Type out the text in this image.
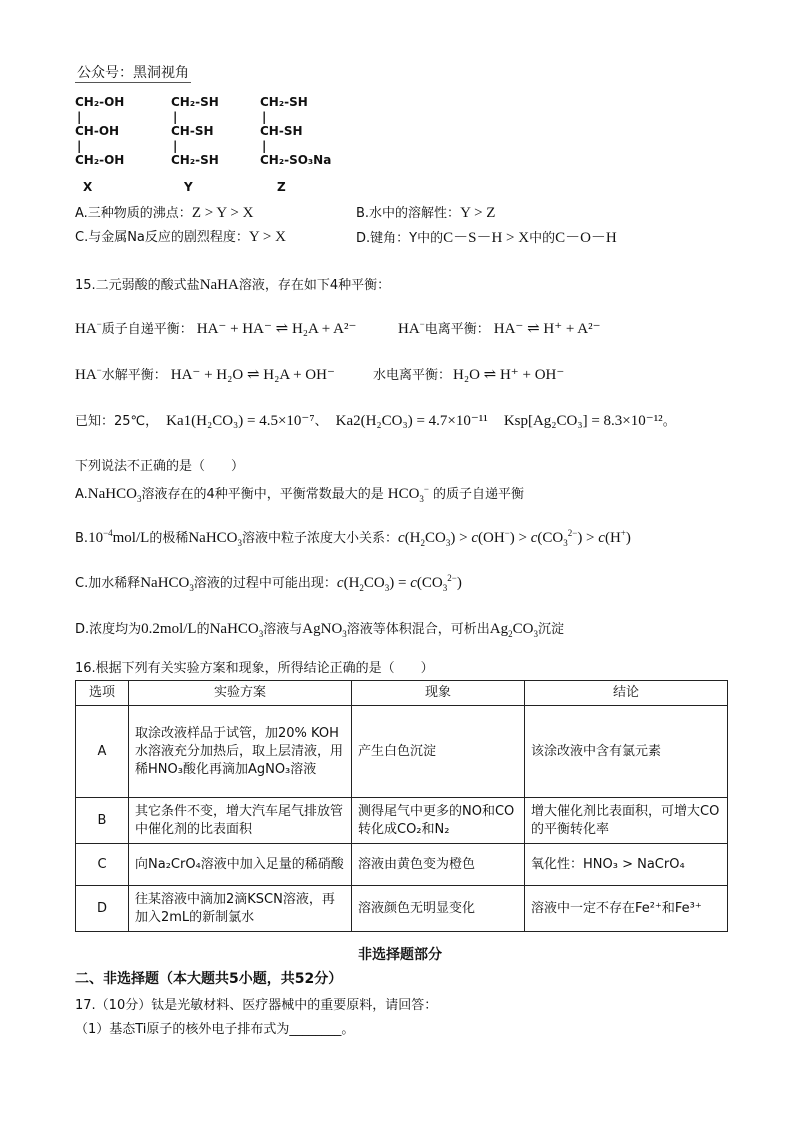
公众号：黑洞视角
CH₂-OH
|
CH-OH
|
CH₂-OH
X
CH₂-SH
|
CH-SH
|
CH₂-SH
Y
CH₂-SH
|
CH-SH
|
CH₂-SO₃Na
Z
A.三种物质的沸点：Z > Y > X	B.水中的溶解性：Y > Z
C.与金属Na反应的剧烈程度：Y > X	D.键角：Y中的C－S－H > X中的C－O－H
15.二元弱酸的酸式盐NaHA溶液，存在如下4种平衡：
HA−质子自递平衡： HA⁻ + HA⁻ ⇌ H₂A + A²⁻	HA−电离平衡： HA⁻ ⇌ H⁺ + A²⁻
HA−水解平衡： HA⁻ + H₂O ⇌ H₂A + OH⁻	水电离平衡： H₂O ⇌ H⁺ + OH⁻
已知：25℃， Ka1(H₂CO₃) = 4.5×10⁻⁷、 Ka2(H₂CO₃) = 4.7×10⁻¹¹ Ksp[Ag₂CO₃] = 8.3×10⁻¹²。
下列说法不正确的是（　　）
A.NaHCO$_3$溶液存在的4种平衡中，平衡常数最大的是 $HCO_3^-$ 的质子自递平衡
$B.10^{-4}mol/L$的极稀NaHCO$_3$溶液中粒子浓度大小关系：$c(H_2CO_3) > c(OH^-) > c(CO_3^{2-}) > c(H^+)$
C.加水稀释NaHCO$_3$溶液的过程中可能出现：$c(H_2CO_3) = c(CO_3^{2-})$
D.浓度均为0.2mol/L的NaHCO$_3$溶液与AgNO$_3$溶液等体积混合，可析出$Ag_2CO_3$沉淀
16.根据下列有关实验方案和现象，所得结论正确的是（　　）
选项	实验方案	现象	结论
A	取涂改液样品于试管，加20% KOH水溶液充分加热后，取上层清液，用稀HNO₃酸化再滴加AgNO₃溶液	产生白色沉淀	该涂改液中含有氯元素
B	其它条件不变，增大汽车尾气排放管中催化剂的比表面积	测得尾气中更多的NO和CO转化成CO₂和N₂	增大催化剂比表面积，可增大CO的平衡转化率
C	向Na₂CrO₄溶液中加入足量的稀硝酸	溶液由黄色变为橙色	氧化性：HNO₃ > NaCrO₄
D	往某溶液中滴加2滴KSCN溶液，再加入2mL的新制氯水	溶液颜色无明显变化	溶液中一定不存在Fe²⁺和Fe³⁺
非选择题部分
二、非选择题（本大题共5小题，共52分）
17.（10分）钛是光敏材料、医疗器械中的重要原料，请回答：
（1）基态Ti原子的核外电子排布式为________。
